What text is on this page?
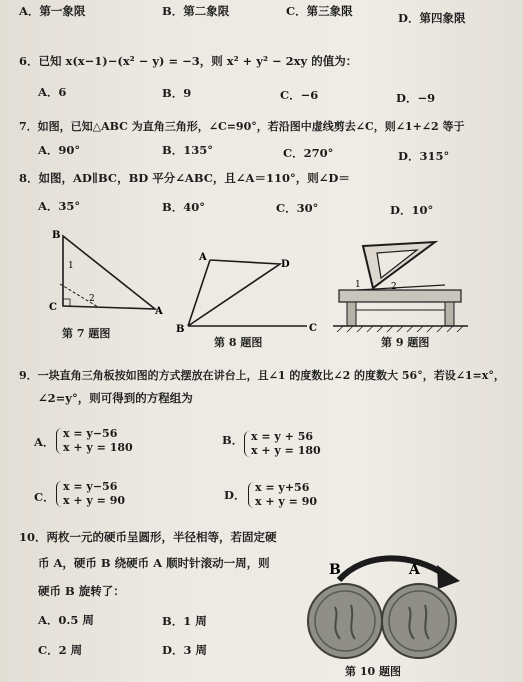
A．第一象限	B．第二象限	C．第三象限	D．第四象限
6．已知 x(x−1)−(x² − y) = −3，则 x² + y² − 2xy 的值为：
A．6	B．9	C．−6	D．−9
7．如图，已知△ABC 为直角三角形，∠C=90°，若沿图中虚线剪去∠C，则∠1+∠2 等于
A．90°	B．135°	C．270°	D．315°
8．如图，AD∥BC，BD 平分∠ABC，且∠A＝110°，则∠D＝
A．35°	B．40°	C．30°	D．10°
B
C	A
1
2
第 7 题图
A
D
B	C
第 8 题图
1	2
第 9 题图
9．一块直角三角板按如图的方式摆放在讲台上，且∠1 的度数比∠2 的度数大 56°，若设∠1=x°，
∠2=y°，则可得到的方程组为
A．
x = y−56
x + y = 180
B． x = y + 56
x + y = 180
C．
x = y−56
x + y = 90	D．
x = y+56
x + y = 90
10．两枚一元的硬币呈圆形，半径相等，若固定硬
币 A，硬币 B 绕硬币 A 顺时针滚动一周，则
硬币 B 旋转了：
A．0.5 周	B．1 周
C．2 周	D．3 周
B	A
第 10 题图
